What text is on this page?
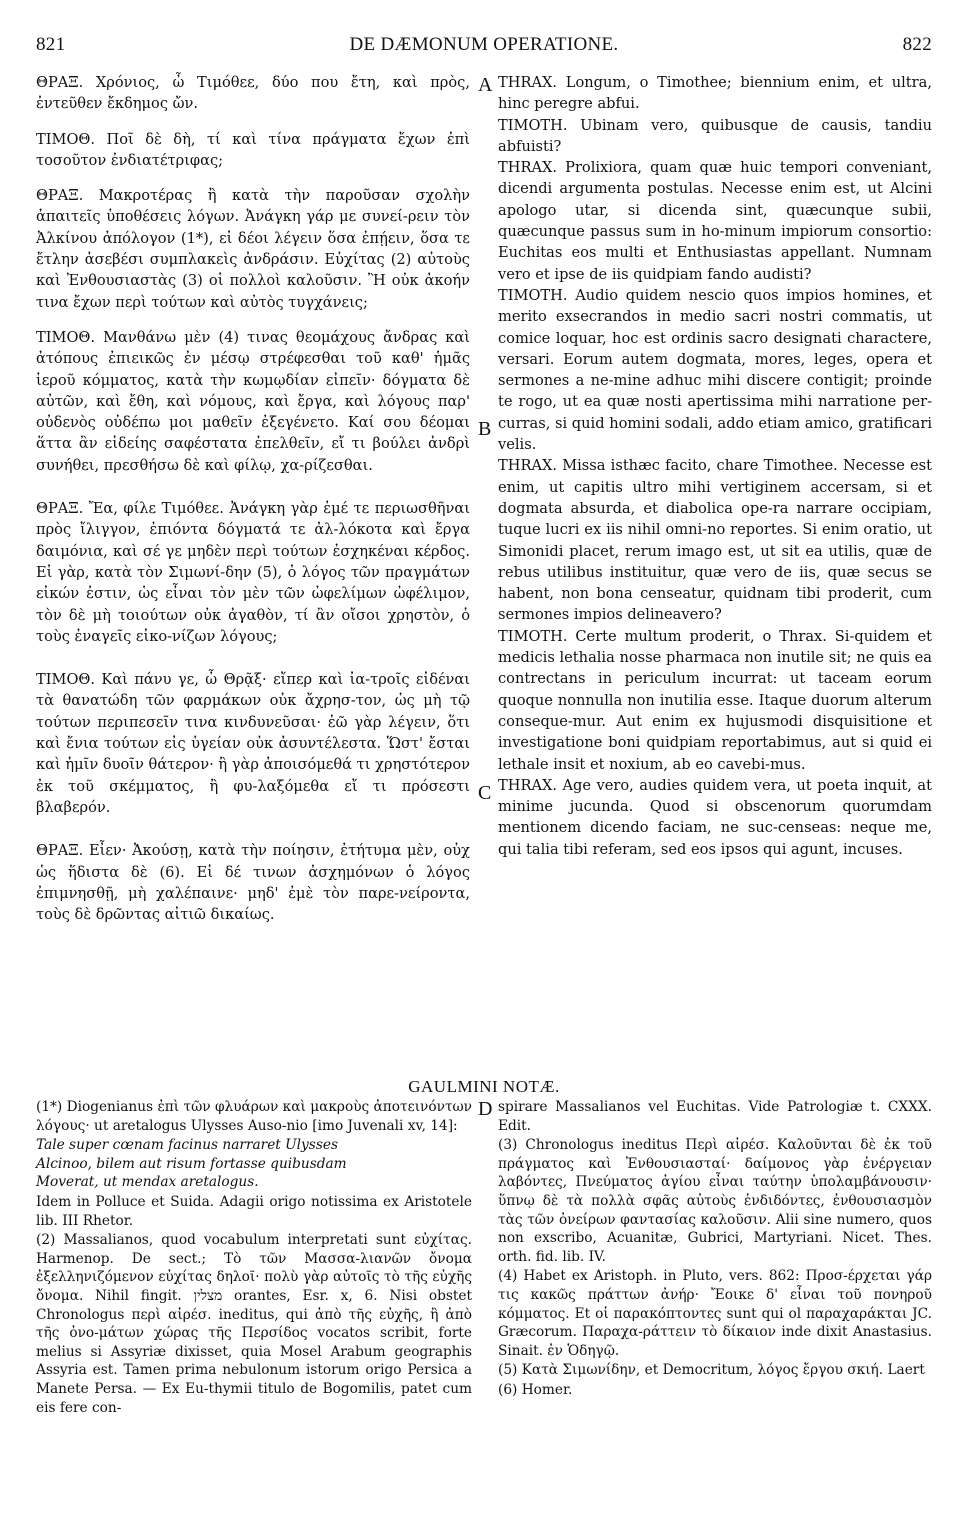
821	DE DÆMONUM OPERATIONE.	822
A
B
C
D

ΘΡΑΞ. Χρόνιος, ὦ Τιμόθεε, δύο που ἔτη, καὶ πρὸς, ἐντεῦθεν ἔκδημος ὤν.

ΤΙΜΟΘ. Ποῖ δὲ δὴ, τί καὶ τίνα πράγματα ἔχων ἐπὶ τοσοῦτον ἐνδιατέτριφας;

ΘΡΑΞ. Μακροτέρας ἢ κατὰ τὴν παροῦσαν σχολὴν ἀπαιτεῖς ὑποθέσεις λόγων. Ἀνάγκη γάρ με συνεί-ρειν τὸν Ἀλκίνου ἀπόλογον (1*), εἰ δέοι λέγειν ὅσα ἐπῄειν, ὅσα τε ἔτλην ἀσεβέσι συμπλακεὶς ἀνδράσιν. Εὐχίτας (2) αὐτοὺς καὶ Ἐνθουσιαστὰς (3) οἱ πολλοὶ καλοῦσιν. Ἢ οὐκ ἀκοήν τινα ἔχων περὶ τούτων καὶ αὐτὸς τυγχάνεις;

ΤΙΜΟΘ. Μανθάνω μὲν (4) τινας θεομάχους ἄνδρας καὶ ἀτόπους ἐπιεικῶς ἐν μέσῳ στρέφεσθαι τοῦ καθ' ἡμᾶς ἱεροῦ κόμματος, κατὰ τὴν κωμῳδίαν εἰπεῖν· δόγματα δὲ αὐτῶν, καὶ ἔθη, καὶ νόμους, καὶ ἔργα, καὶ λόγους παρ' οὐδενὸς οὐδέπω μοι μαθεῖν ἐξεγένετο. Καί σου δέομαι ἅττα ἂν εἰδείης σαφέστατα ἐπελθεῖν, εἴ τι βούλει ἀνδρὶ συνήθει, πρεσθήσω δὲ καὶ φίλῳ, χα-ρίζεσθαι.

ΘΡΑΞ. Ἔα, φίλε Τιμόθεε. Ἀνάγκη γὰρ ἐμέ τε περιωσθῆναι πρὸς ἴλιγγον, ἐπιόντα δόγματά τε ἀλ-λόκοτα καὶ ἔργα δαιμόνια, καὶ σέ γε μηδὲν περὶ τούτων ἐσχηκέναι κέρδος. Εἰ γὰρ, κατὰ τὸν Σιμωνί-δην (5), ὁ λόγος τῶν πραγμάτων εἰκών ἐστιν, ὡς εἶναι τὸν μὲν τῶν ὠφελίμων ὠφέλιμον, τὸν δὲ μὴ τοιούτων οὐκ ἀγαθὸν, τί ἂν οἴσοι χρηστὸν, ὁ τοὺς ἐναγεῖς εἰκο-νίζων λόγους;

ΤΙΜΟΘ. Καὶ πάνυ γε, ὦ Θρᾷξ· εἴπερ καὶ ἰα-τροῖς εἰδέναι τὰ θανατώδη τῶν φαρμάκων οὐκ ἄχρησ-τον, ὡς μὴ τῷ τούτων περιπεσεῖν τινα κινδυνεῦσαι· ἐῶ γὰρ λέγειν, ὅτι καὶ ἔνια τούτων εἰς ὑγείαν οὐκ ἀσυντέλεστα. Ὥστ' ἔσται καὶ ἡμῖν δυοῖν θάτερον· ἢ γὰρ ἀποισόμεθά τι χρηστότερον ἐκ τοῦ σκέμματος, ἢ φυ-λαξόμεθα εἴ τι πρόσεστι βλαβερόν.

ΘΡΑΞ. Εἶεν· Ἀκούσῃ, κατὰ τὴν ποίησιν, ἐτήτυμα μὲν, οὐχ ὡς ἥδιστα δὲ (6). Εἰ δέ τινων ἀσχημόνων ὁ λόγος ἐπιμνησθῇ, μὴ χαλέπαινε· μηδ' ἐμὲ τὸν παρε-νείροντα, τοὺς δὲ δρῶντας αἰτιῶ δικαίως.

THRAX. Longum, o Timothee; biennium enim, et ultra, hinc peregre abfui.

TIMOTH. Ubinam vero, quibusque de causis, tandiu abfuisti?

THRAX. Prolixiora, quam quæ huic tempori conveniant, dicendi argumenta postulas. Necesse enim est, ut Alcini apologo utar, si dicenda sint, quæcunque subii, quæcunque passus sum in ho-minum impiorum consortio: Euchitas eos multi et Enthusiastas appellant. Numnam vero et ipse de iis quidpiam fando audisti?

TIMOTH. Audio quidem nescio quos impios homines, et merito exsecrandos in medio sacri nostri commatis, ut comice loquar, hoc est ordinis sacro designati charactere, versari. Eorum autem dogmata, mores, leges, opera et sermones a ne-mine adhuc mihi discere contigit; proinde te rogo, ut ea quæ nosti apertissima mihi narratione per-curras, si quid homini sodali, addo etiam amico, gratificari velis.

THRAX. Missa isthæc facito, chare Timothee. Necesse est enim, ut capitis ultro mihi vertiginem accersam, si et dogmata absurda, et diabolica ope-ra narrare occipiam, tuque lucri ex iis nihil omni-no reportes. Si enim oratio, ut Simonidi placet, rerum imago est, ut sit ea utilis, quæ de rebus utilibus instituitur, quæ vero de iis, quæ secus se habent, non bona censeatur, quidnam tibi proderit, cum sermones impios delineavero?

TIMOTH. Certe multum proderit, o Thrax. Si-quidem et medicis lethalia nosse pharmaca non inutile sit; ne quis ea contrectans in periculum incurrat: ut taceam eorum quoque nonnulla non inutilia esse. Itaque duorum alterum conseque-mur. Aut enim ex hujusmodi disquisitione et investigatione boni quidpiam reportabimus, aut si quid ei lethale insit et noxium, ab eo cavebi-mus.

THRAX. Age vero, audies quidem vera, ut poeta inquit, at minime jucunda. Quod si obscenorum quorumdam mentionem dicendo faciam, ne suc-censeas: neque me, qui talia tibi referam, sed eos ipsos qui agunt, incuses.

GAULMINI NOTÆ.

(1*) Diogenianus ἐπὶ τῶν φλυάρων καὶ μακροὺς ἀποτεινόντων λόγους· ut aretalogus Ulysses Auso-nio [imo Juvenali xv, 14]:

Tale super cœnam facinus narraret Ulysses

Alcinoo, bilem aut risum fortasse quibusdam

Moverat, ut mendax aretalogus.

Idem in Polluce et Suida. Adagii origo notissima ex Aristotele lib. III Rhetor.

(2) Massalianos, quod vocabulum interpretati sunt εὐχίτας. Harmenop. De sect.; Τὸ τῶν Μασσα-λιανῶν ὄνομα ἐξελληνιζόμενον εὐχίτας δηλοῖ· πολὺ γὰρ αὐτοῖς τὸ τῆς εὐχῆς ὄνομα. Nihil fingit. מצלין orantes, Esr. x, 6. Nisi obstet Chronologus περὶ αἱρέσ. ineditus, qui ἀπὸ τῆς εὐχῆς, ἢ ἀπὸ τῆς ὀνο-μάτων χώρας τῆς Περσίδος vocatos scribit, forte melius si Assyriæ dixisset, quia Mosel Arabum geographis Assyria est. Tamen prima nebulonum istorum origo Persica a Manete Persa. — Ex Eu-thymii titulo de Bogomilis, patet cum eis fere con-

spirare Massalianos vel Euchitas. Vide Patrologiæ t. CXXX. Edit.

(3) Chronologus ineditus Περὶ αἱρέσ. Καλοῦνται δὲ ἐκ τοῦ πράγματος καὶ Ἐνθουσιασταί· δαίμονος γὰρ ἐνέργειαν λαβόντες, Πνεύματος ἁγίου εἶναι ταύτην ὑπολαμβάνουσιν· ὕπνῳ δὲ τὰ πολλὰ σφᾶς αὐτοὺς ἐνδιδόντες, ἐνθουσιασμὸν τὰς τῶν ὀνείρων φαντασίας καλοῦσιν. Alii sine numero, quos non exscribo, Acuanitæ, Gubrici, Martyriani. Nicet. Thes. orth. fid. lib. IV.

(4) Habet ex Aristoph. in Pluto, vers. 862: Προσ-έρχεται γάρ τις κακῶς πράττων ἀνήρ· Ἔοικε δ' εἶναι τοῦ πονηροῦ κόμματος. Et οἱ παρακόπτοντες sunt qui ol παραχαράκται JC. Græcorum. Παραχα-ράττειν τὸ δίκαιον inde dixit Anastasius. Sinait. ἐν Ὁδηγῷ.

(5) Κατὰ Σιμωνίδην, et Democritum, λόγος ἔργου σκιή. Laert

(6) Homer.
